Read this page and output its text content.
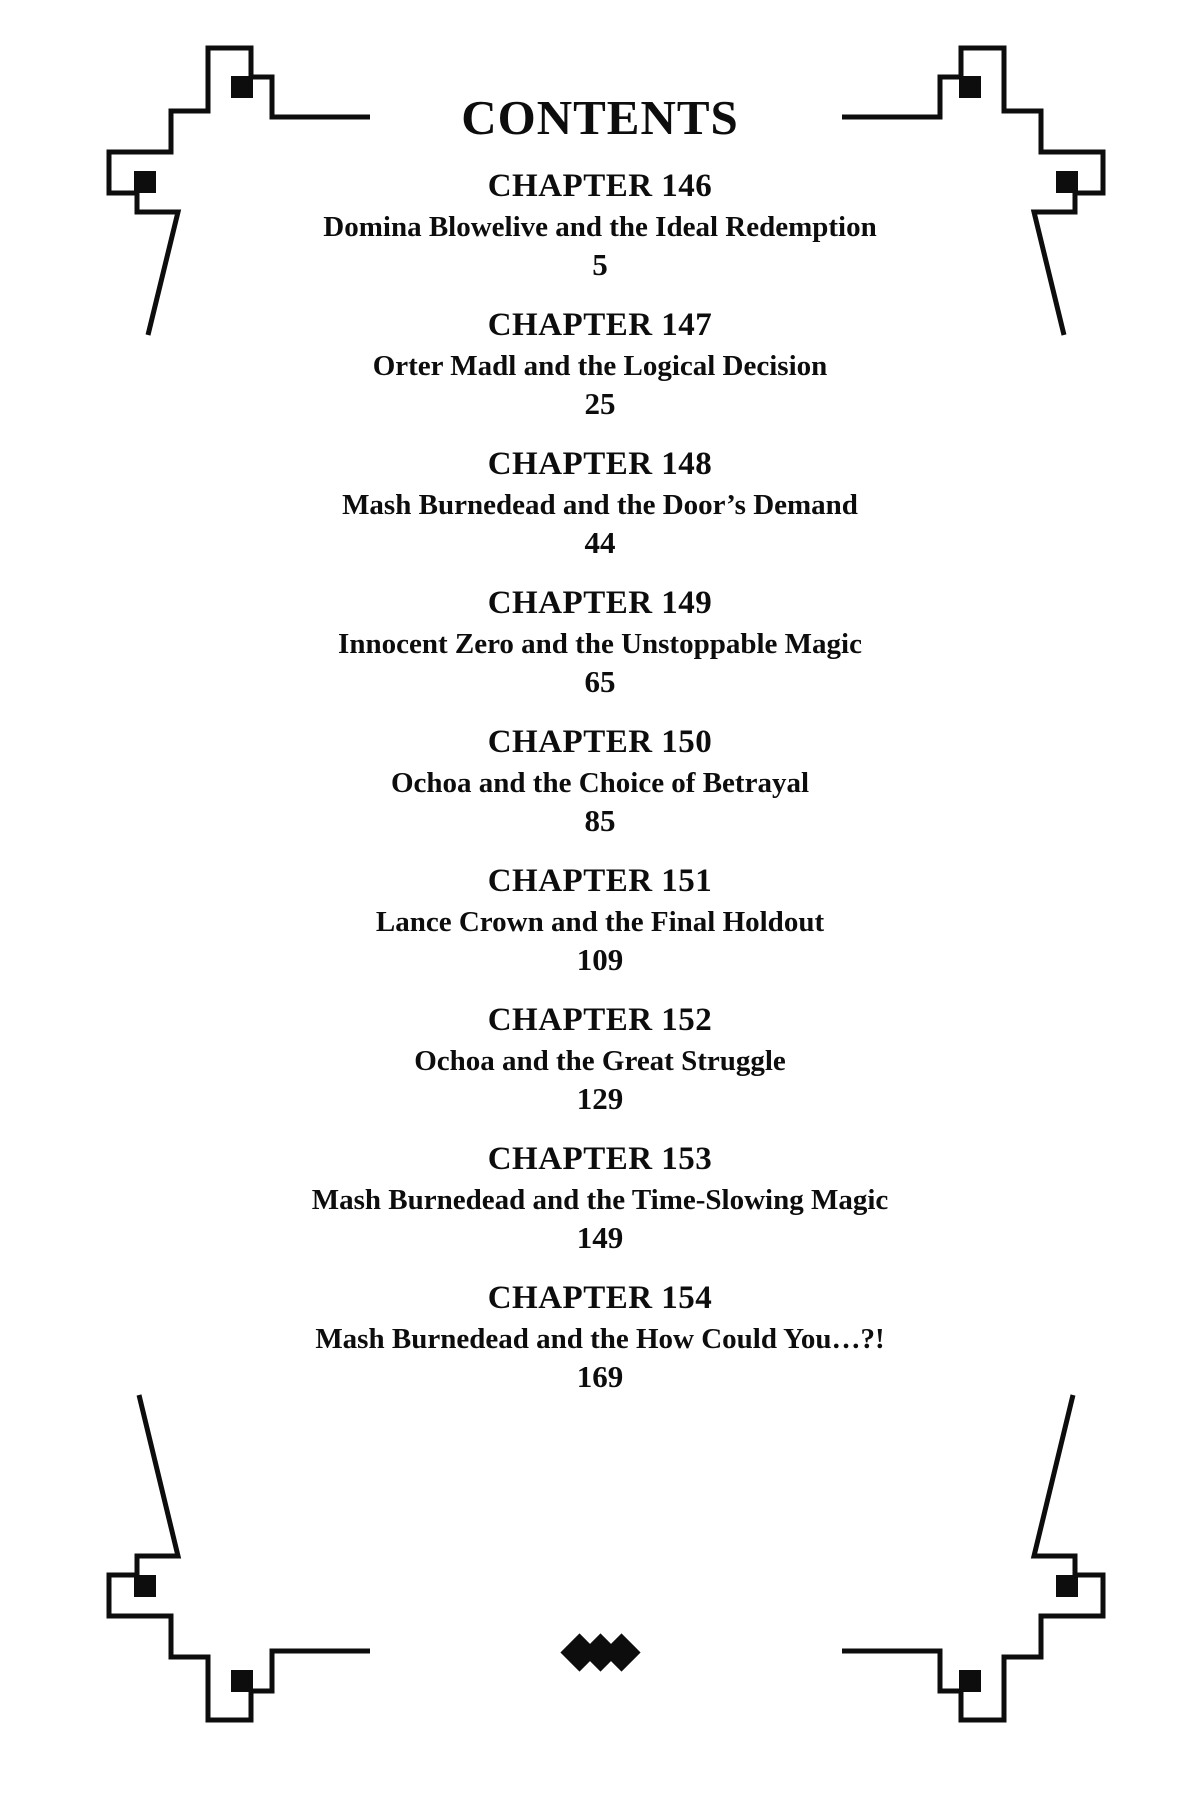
CONTENTS
CHAPTER 146
Domina Blowelive and the Ideal Redemption
5
CHAPTER 147
Orter Madl and the Logical Decision
25
CHAPTER 148
Mash Burnedead and the Door’s Demand
44
CHAPTER 149
Innocent Zero and the Unstoppable Magic
65
CHAPTER 150
Ochoa and the Choice of Betrayal
85
CHAPTER 151
Lance Crown and the Final Holdout
109
CHAPTER 152
Ochoa and the Great Struggle
129
CHAPTER 153
Mash Burnedead and the Time-Slowing Magic
149
CHAPTER 154
Mash Burnedead and the How Could You…?!
169
